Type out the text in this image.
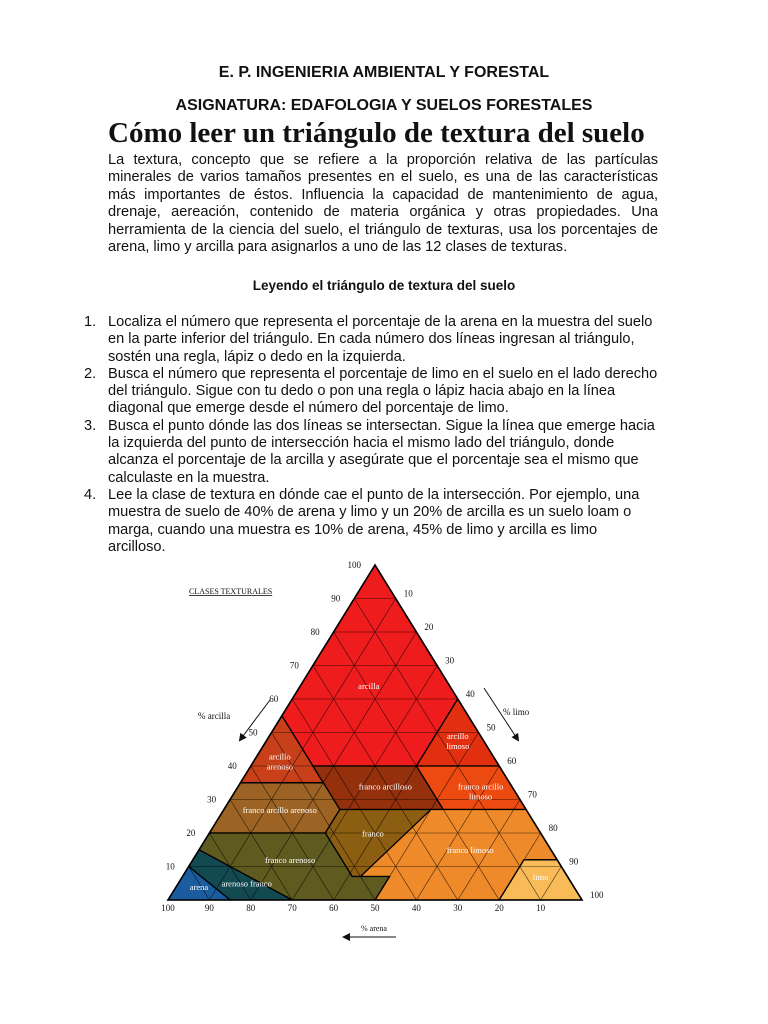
E. P. INGENIERIA AMBIENTAL Y FORESTAL
ASIGNATURA: EDAFOLOGIA Y SUELOS FORESTALES
Cómo leer un triángulo de textura del suelo

La textura, concepto que se refiere a la proporción relativa de las partículas minerales de varios tamaños presentes en el suelo, es una de las características más importantes de éstos. Influencia la capacidad de mantenimiento de agua, drenaje, aereación, contenido de materia orgánica y otras propiedades. Una herramienta de la ciencia del suelo, el triángulo de texturas, usa los porcentajes de arena, limo y arcilla para asignarlos a uno de las 12 clases de texturas.

Leyendo el triángulo de textura del suelo
1. Localiza el número que representa el porcentaje de la arena en la muestra del suelo en la parte inferior del triángulo. En cada número dos líneas ingresan al triángulo, sostén una regla, lápiz o dedo en la izquierda.

2. Busca el número que representa el porcentaje de limo en el suelo en el lado derecho del triángulo. Sigue con tu dedo o pon una regla o lápiz hacia abajo en la línea diagonal que emerge desde el número del porcentaje de limo.

3. Busca el punto dónde las dos líneas se intersectan. Sigue la línea que emerge hacia la izquierda del punto de intersección hacia el mismo lado del triángulo, donde alcanza el porcentaje de la arcilla y asegúrate que el porcentaje sea el mismo que calculaste en la muestra.

4. Lee la clase de textura en dónde cae el punto de la intersección. Por ejemplo, una muestra de suelo de 40% de arena y limo y un 20% de arcilla es un suelo loam o marga, cuando una muestra es 10% de arena, 45% de limo y arcilla es limo arcilloso.

100
90
80
70
60
50
40
30
20
10
10
20
30
40
50
60
70
80
90
100
100	90	80	70	60	50	40	30	20	10
arcilla
arcillo limoso
arcillo arenoso
franco arcilloso	franco arcillo limoso
franco arcillo arenoso
franco
franco limoso
limo
franco arenoso
arenoso franco
arena
CLASES TEXTURALES
% arcilla	% limo
% arena
